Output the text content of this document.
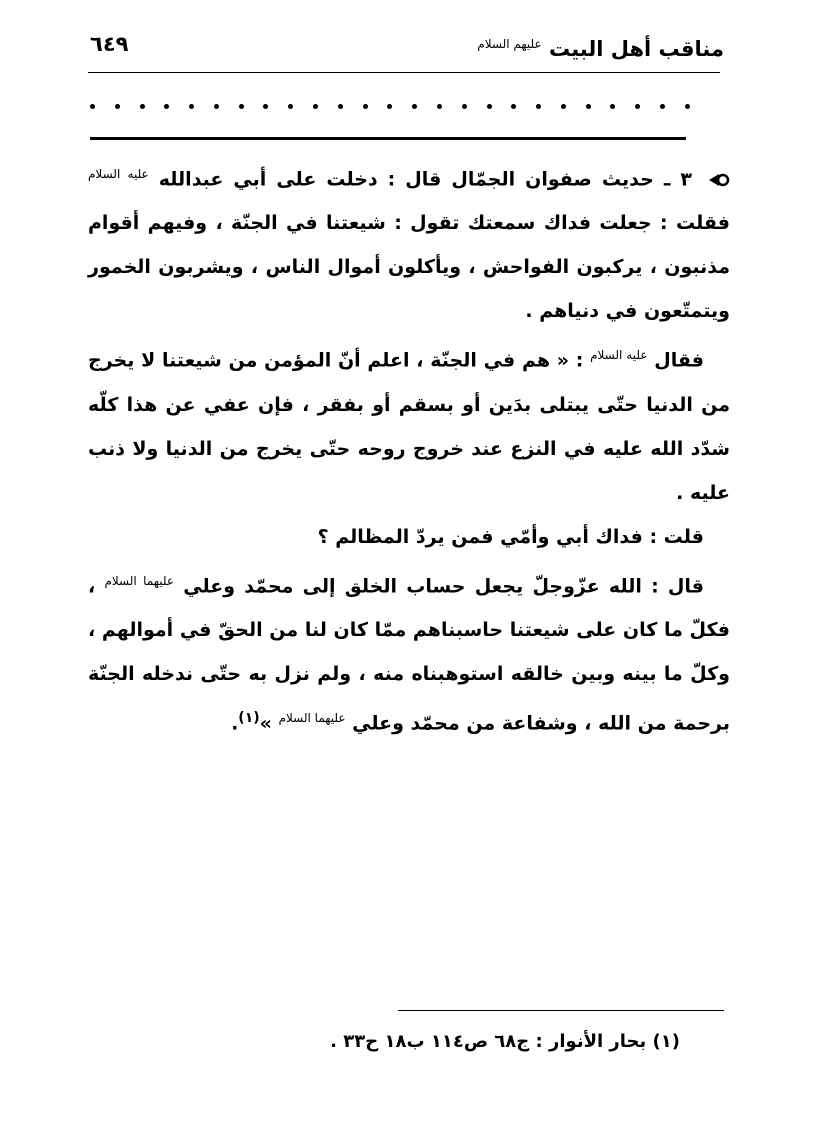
مناقب أهل البيت $^{عليهم السلام}$
٦٤٩

٣ ـ حديث صفوان الجمّال قال : دخلت على أبي عبدالله $^{عليه السلام}$ فقلت : جعلت فداك سمعتك تقول : شيعتنا في الجنّة ، وفيهم أقوام مذنبون ، يركبون الفواحش ، ويأكلون أموال الناس ، ويشربون الخمور ويتمتّعون في دنياهم .

فقال $^{عليه السلام}$ : « هم في الجنّة ، اعلم أنّ المؤمن من شيعتنا لا يخرج من الدنيا حتّى يبتلى بدَين أو بسقم أو بفقر ، فإن عفي عن هذا كلّه شدّد الله عليه في النزع عند خروج روحه حتّى يخرج من الدنيا ولا ذنب عليه .

قلت : فداك أبي وأمّي فمن يردّ المظالم ؟

قال : الله عزّوجلّ يجعل حساب الخلق إلى محمّد وعلي $^{عليهما السلام}$ ، فكلّ ما كان على شيعتنا حاسبناهم ممّا كان لنا من الحقّ في أموالهم ، وكلّ ما بينه وبين خالقه استوهبناه منه ، ولم نزل به حتّى ندخله الجنّة برحمة من الله ، وشفاعة من محمّد وعلي $^{عليهما السلام}$ »$^{(١)}$.

(١) بحار الأنوار : ج٦٨ ص١١٤ ب١٨ ح٣٣ .
